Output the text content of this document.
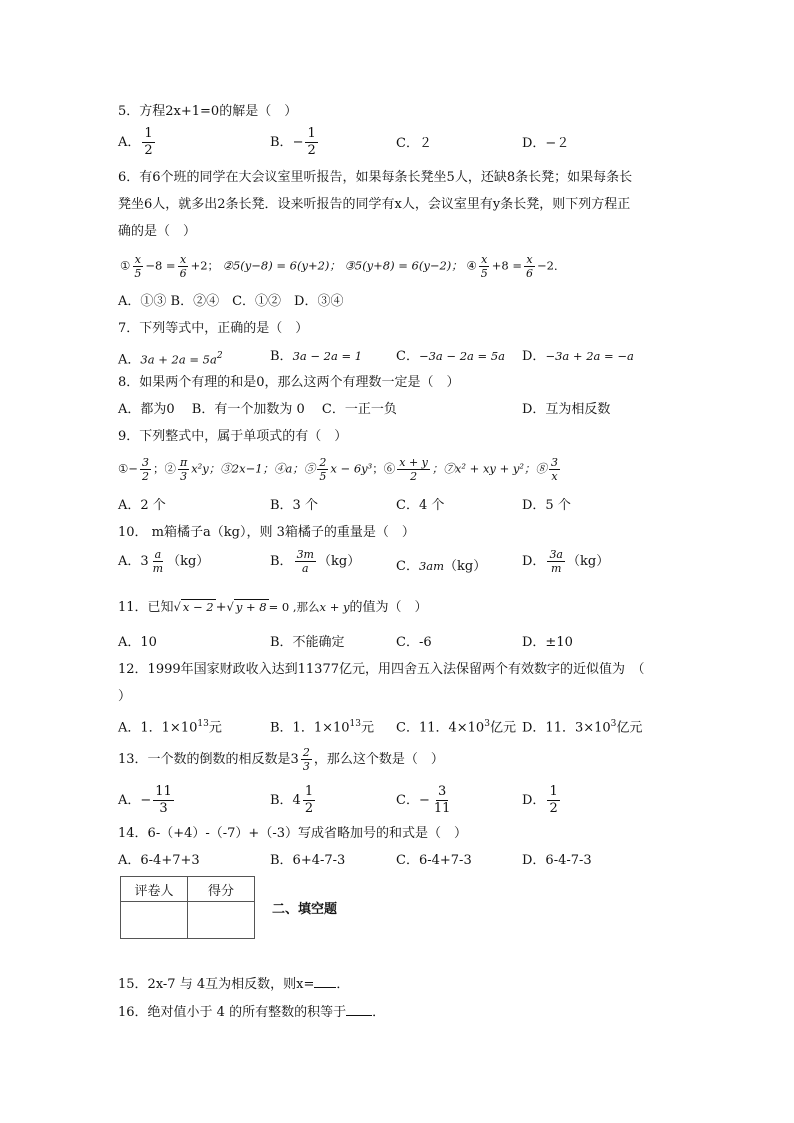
5．方程2x+1=0的解是（　）
A． $\frac{1}{2}$	B．− $\frac{1}{2}$	C．２	D．−２
6．有6个班的同学在大会议室里听报告，如果每条长凳坐5人，还缺8条长凳；如果每条长
凳坐6人，就多出2条长凳．设来听报告的同学有x人，会议室里有y条长凳，则下列方程正
确的是（　）
① $\frac{x}{5} -8 = \frac{x}{6} +2$； ②5(y−8) = 6(y+2)； ③5(y+8) = 6(y−2)； ④ $\frac{x}{5} +8 = \frac{x}{6} -2$．
A．①③ B．②④　C．①②　D．③④
7．下列等式中，正确的是（　）
A．$3a + 2a = 5a^2$	B．3a − 2a = 1	C．−3a − 2a = 5a D．−3a + 2a = −a
8．如果两个有理的和是0，那么这两个有理数一定是（　）
A．都为0　 B．有一个加数为 0　 C．一正一负	D．互为相反数
9．下列整式中，属于单项式的有（　）
①− $\frac{3}{2}$ ；② $\frac{\pi}{3} x^2y$；③2x−1；④a；⑤ $\frac{2}{5}$ x − 6y³；⑥ $\frac{x + y}{2}$ ；⑦x² + xy + y²；⑧ $\frac{3}{x}$
A．2 个	B．3 个	C．4 个	D．5 个
10． m箱橘子a（kg），则 3箱橘子的重量是（　）
A．$3 \frac{a}{m} (kg)$	B． $\frac{3m}{a} (kg)$	C．3am（kg）	D． $\frac{3a}{m} (kg)$
11．已知√ x − 2 +√ y + 8 = 0 ,那么x + y的值为（　）
A．10	B．不能确定	C．-6	D．±10
12．1999年国家财政收入达到11377亿元，用四舍五入法保留两个有效数字的近似值为　（
）
A．1．$1\times 10^{13}$元	B．1．$1\times 10^{13}$元 C．11．$4\times 10^3$亿元 D．11．$3\times 10^3$亿元
13．一个数的倒数的相反数是$3 \frac{2}{3}$ ，那么这个数是（　）
A．− $\frac{11}{3}$	B．$4 \frac{1}{2}$	C．− $\frac{3}{11}$	D． $\frac{1}{2}$
14．6-（+4）-（-7）+（-3）写成省略加号的和式是（　）
A．6-4+7+3	B．6+4-7-3	C．6-4+7-3	D．6-4-7-3
评卷人	得分

二、填空题
15．2x-7 与 4互为相反数，则x= ．
16．绝对值小于 4 的所有整数的积等于 ．
